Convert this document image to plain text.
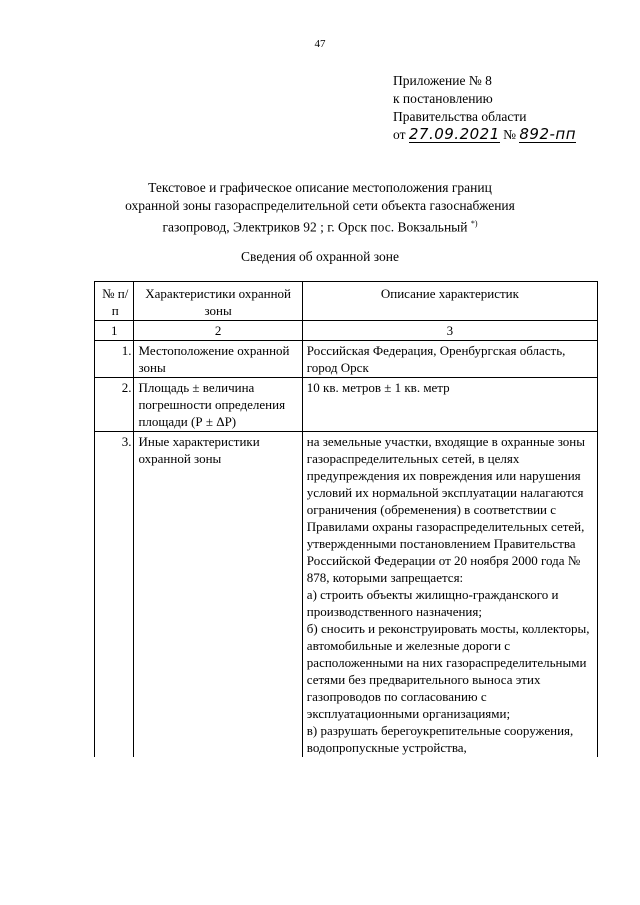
47
Приложение № 8
к постановлению
Правительства области
от 27.09.2021 № 892-пп
Текстовое и графическое описание местоположения границ
охранной зоны газораспределительной сети объекта газоснабжения
газопровод, Электриков 92 ; г. Орск пос. Вокзальный *)
Сведения об охранной зоне
№ п/п	Характеристики охранной зоны	Описание характеристик
1	2	3
1.	Местоположение охранной зоны	Российская Федерация, Оренбургская область, город Орск
2.	Площадь ± величина погрешности определения площади (Р ± ΔР)	10 кв. метров ± 1 кв. метр
3.	Иные характеристики охранной зоны	на земельные участки, входящие в охранные зоны газораспределительных сетей, в целях предупреждения их повреждения или нарушения условий их нормальной эксплуатации налагаются ограничения (обременения) в соответствии с Правилами охраны газораспределительных сетей, утвержденными постановлением Правительства Российской Федерации от 20 ноября 2000 года № 878, которыми запрещается:
а) строить объекты жилищно-гражданского и производственного назначения;
б) сносить и реконструировать мосты, коллекторы, автомобильные и железные дороги с расположенными на них газораспределительными сетями без предварительного выноса этих газопроводов по согласованию с эксплуатационными организациями;
в) разрушать берегоукрепительные сооружения, водопропускные устройства,
